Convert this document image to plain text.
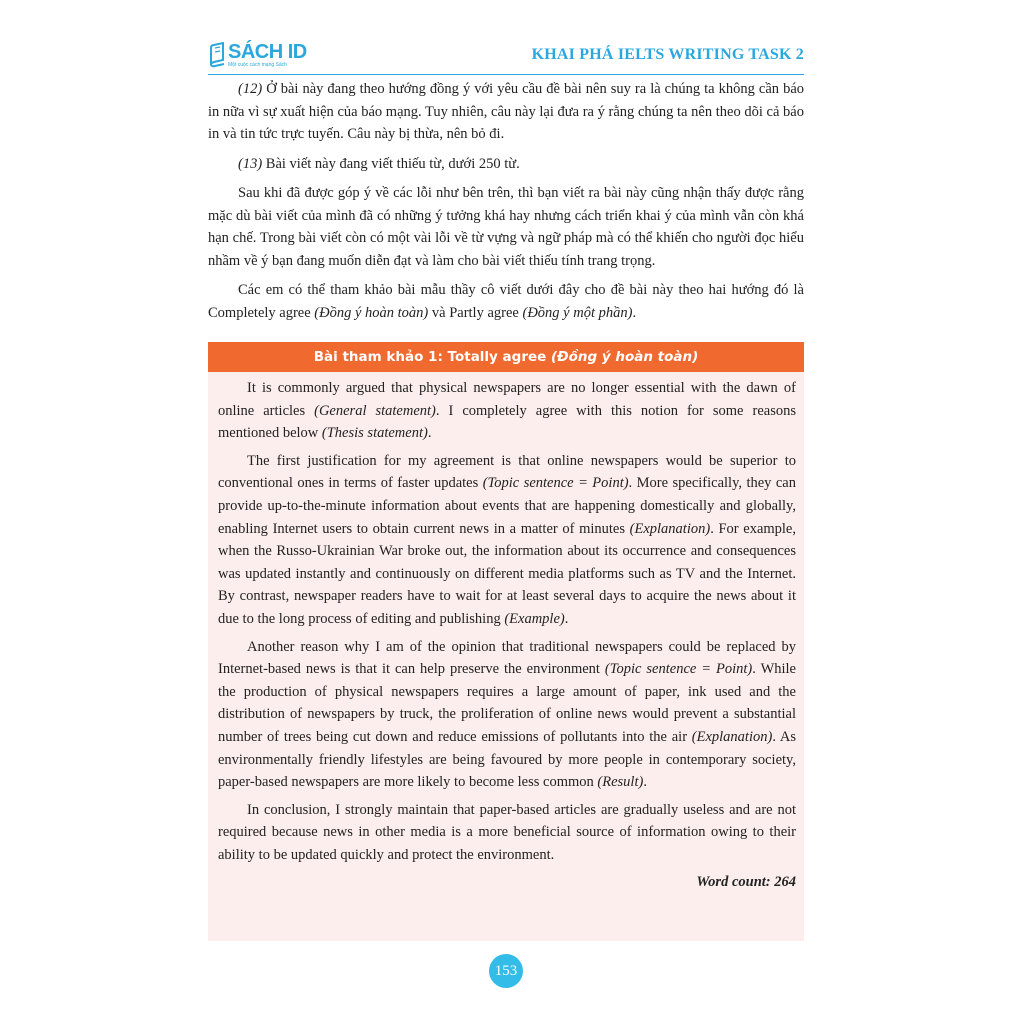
SÁCH ID
Một cuộc cách mạng Sách
KHAI PHÁ IELTS WRITING TASK 2

(12) Ở bài này đang theo hướng đồng ý với yêu cầu đề bài nên suy ra là chúng ta không cần báo in nữa vì sự xuất hiện của báo mạng. Tuy nhiên, câu này lại đưa ra ý rằng chúng ta nên theo dõi cả báo in và tin tức trực tuyến. Câu này bị thừa, nên bỏ đi.

(13) Bài viết này đang viết thiếu từ, dưới 250 từ.

Sau khi đã được góp ý về các lỗi như bên trên, thì bạn viết ra bài này cũng nhận thấy được rằng mặc dù bài viết của mình đã có những ý tưởng khá hay nhưng cách triển khai ý của mình vẫn còn khá hạn chế. Trong bài viết còn có một vài lỗi về từ vựng và ngữ pháp mà có thể khiến cho người đọc hiểu nhầm về ý bạn đang muốn diễn đạt và làm cho bài viết thiếu tính trang trọng.

Các em có thể tham khảo bài mẫu thầy cô viết dưới đây cho đề bài này theo hai hướng đó là Completely agree (Đồng ý hoàn toàn) và Partly agree (Đồng ý một phần).

Bài tham khảo 1: Totally agree (Đồng ý hoàn toàn)

It is commonly argued that physical newspapers are no longer essential with the dawn of online articles (General statement). I completely agree with this notion for some reasons mentioned below (Thesis statement).

The first justification for my agreement is that online newspapers would be superior to conventional ones in terms of faster updates (Topic sentence = Point). More specifically, they can provide up-to-the-minute information about events that are happening domestically and globally, enabling Internet users to obtain current news in a matter of minutes (Explanation). For example, when the Russo-Ukrainian War broke out, the information about its occurrence and consequences was updated instantly and continuously on different media platforms such as TV and the Internet. By contrast, newspaper readers have to wait for at least several days to acquire the news about it due to the long process of editing and publishing (Example).

Another reason why I am of the opinion that traditional newspapers could be replaced by Internet-based news is that it can help preserve the environment (Topic sentence = Point). While the production of physical newspapers requires a large amount of paper, ink used and the distribution of newspapers by truck, the proliferation of online news would prevent a substantial number of trees being cut down and reduce emissions of pollutants into the air (Explanation). As environmentally friendly lifestyles are being favoured by more people in contemporary society, paper-based newspapers are more likely to become less common (Result).

In conclusion, I strongly maintain that paper-based articles are gradually useless and are not required because news in other media is a more beneficial source of information owing to their ability to be updated quickly and protect the environment.

Word count: 264
153
